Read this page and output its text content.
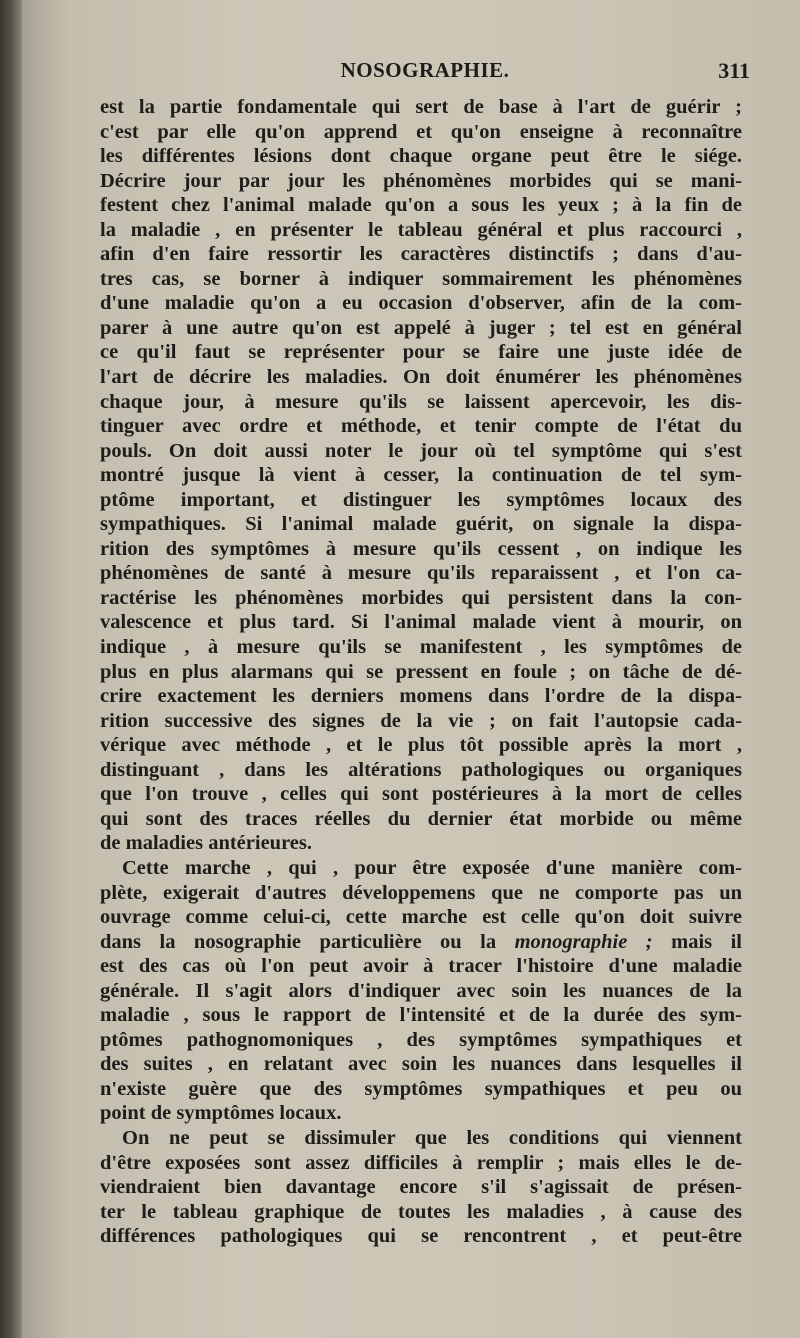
NOSOGRAPHIE.	311
est la partie fondamentale qui sert de base à l'art de guérir ;
c'est par elle qu'on apprend et qu'on enseigne à reconnaître
les différentes lésions dont chaque organe peut être le siége.
Décrire jour par jour les phénomènes morbides qui se mani-
festent chez l'animal malade qu'on a sous les yeux ; à la fin de
la maladie , en présenter le tableau général et plus raccourci ,
afin d'en faire ressortir les caractères distinctifs ; dans d'au-
tres cas, se borner à indiquer sommairement les phénomènes
d'une maladie qu'on a eu occasion d'observer, afin de la com-
parer à une autre qu'on est appelé à juger ; tel est en général
ce qu'il faut se représenter pour se faire une juste idée de
l'art de décrire les maladies. On doit énumérer les phénomènes
chaque jour, à mesure qu'ils se laissent apercevoir, les dis-
tinguer avec ordre et méthode, et tenir compte de l'état du
pouls. On doit aussi noter le jour où tel symptôme qui s'est
montré jusque là vient à cesser, la continuation de tel sym-
ptôme important, et distinguer les symptômes locaux des
sympathiques. Si l'animal malade guérit, on signale la dispa-
rition des symptômes à mesure qu'ils cessent , on indique les
phénomènes de santé à mesure qu'ils reparaissent , et l'on ca-
ractérise les phénomènes morbides qui persistent dans la con-
valescence et plus tard. Si l'animal malade vient à mourir, on
indique , à mesure qu'ils se manifestent , les symptômes de
plus en plus alarmans qui se pressent en foule ; on tâche de dé-
crire exactement les derniers momens dans l'ordre de la dispa-
rition successive des signes de la vie ; on fait l'autopsie cada-
vérique avec méthode , et le plus tôt possible après la mort ,
distinguant , dans les altérations pathologiques ou organiques
que l'on trouve , celles qui sont postérieures à la mort de celles
qui sont des traces réelles du dernier état morbide ou même
de maladies antérieures.
Cette marche , qui , pour être exposée d'une manière com-
plète, exigerait d'autres développemens que ne comporte pas un
ouvrage comme celui-ci, cette marche est celle qu'on doit suivre
dans la nosographie particulière ou la monographie ; mais il
est des cas où l'on peut avoir à tracer l'histoire d'une maladie
générale. Il s'agit alors d'indiquer avec soin les nuances de la
maladie , sous le rapport de l'intensité et de la durée des sym-
ptômes pathognomoniques , des symptômes sympathiques et
des suites , en relatant avec soin les nuances dans lesquelles il
n'existe guère que des symptômes sympathiques et peu ou
point de symptômes locaux.
On ne peut se dissimuler que les conditions qui viennent
d'être exposées sont assez difficiles à remplir ; mais elles le de-
viendraient bien davantage encore s'il s'agissait de présen-
ter le tableau graphique de toutes les maladies , à cause des
différences pathologiques qui se rencontrent , et peut-être
